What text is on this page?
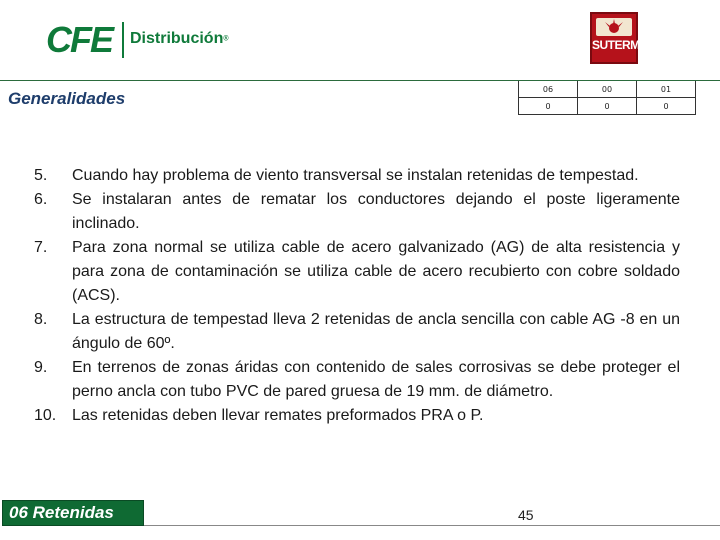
CFE Distribución®	SUTERM
Generalidades	06	00	01
0	0	0
5.	Cuando hay problema de viento transversal se instalan retenidas de tempestad.
6.	Se instalaran antes de rematar los conductores dejando el poste ligeramente inclinado.
7.	Para zona normal se utiliza cable de acero galvanizado (AG) de alta resistencia y para zona de contaminación se utiliza cable de acero recubierto con cobre soldado (ACS).
8.	La estructura de tempestad lleva 2 retenidas de ancla sencilla con cable AG -8 en un ángulo de 60º.
9.	En terrenos de zonas áridas con contenido de sales corrosivas se debe proteger el perno ancla con tubo PVC de pared gruesa de 19 mm. de diámetro.
10. Las retenidas deben llevar remates preformados PRA o P.
06 Retenidas	45
